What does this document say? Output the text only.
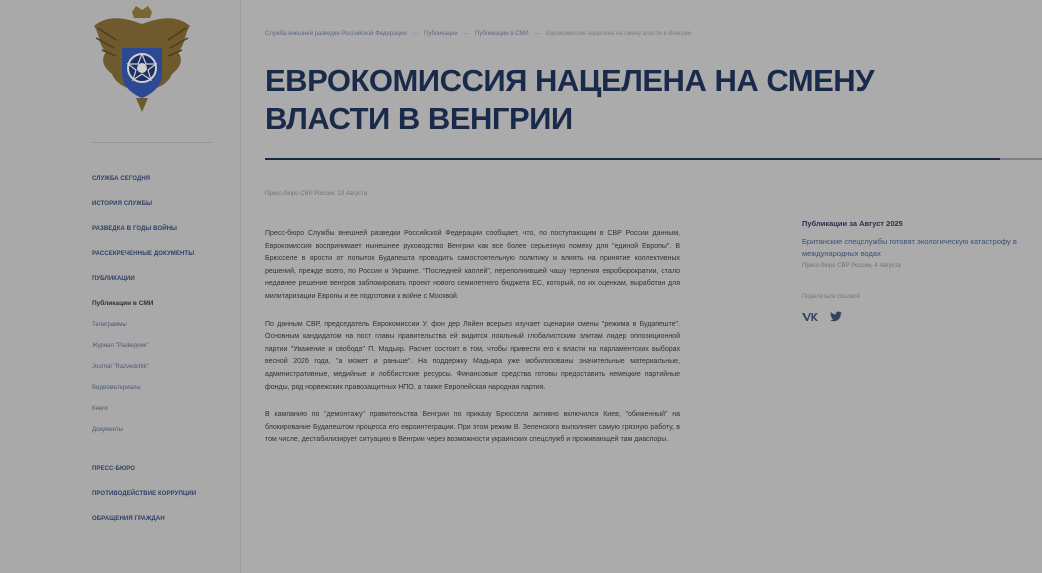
СЛУЖБА СЕГОДНЯ
ИСТОРИЯ СЛУЖБЫ
РАЗВЕДКА В ГОДЫ ВОЙНЫ
РАССЕКРЕЧЕННЫЕ ДОКУМЕНТЫ
ПУБЛИКАЦИИ
Публикации в СМИ
Телеграммы
Журнал "Разведчик"
Journal "Razvedchik"
Видеоматериалы
Книги
Документы
ПРЕСС-БЮРО
ПРОТИВОДЕЙСТВИЕ КОРРУПЦИИ
ОБРАЩЕНИЯ ГРАЖДАН
Служба внешней разведки Российской Федерации — Публикации — Публикации в СМИ — Еврокомиссия нацелена на смену власти в Венгрии
ЕВРОКОМИССИЯ НАЦЕЛЕНА НА СМЕНУ ВЛАСТИ В ВЕНГРИИ
Пресс-бюро СВР России, 13 Августа

Пресс-бюро Службы внешней разведки Российской Федерации сообщает, что, по поступающим в СВР России данным, Еврокомиссия воспринимает нынешнее руководство Венгрии как все более серьезную помеху для "единой Европы". В Брюсселе в ярости от попыток Будапешта проводить самостоятельную политику и влиять на принятие коллективных решений, прежде всего, по России и Украине. "Последней каплей", переполнившей чашу терпения евробюрократии, стало недавнее решение венгров заблокировать проект нового семилетнего бюджета ЕС, который, по их оценкам, выработан для милитаризации Европы и ее подготовки к войне с Москвой.

По данным СВР, председатель Еврокомиссии У. фон дер Ляйен всерьез изучает сценарии смены "режима в Будапеште". Основным кандидатом на пост главы правительства ей видится лояльный глобалистским элитам лидер оппозиционной партии "Уважение и свобода" П. Мадьяр. Расчет состоит в том, чтобы привести его к власти на парламентских выборах весной 2026 года, "а может и раньше". На поддержку Мадьяра уже мобилизованы значительные материальные, административные, медийные и лоббистские ресурсы. Финансовые средства готовы предоставить немецкие партийные фонды, ряд норвежских правозащитных НПО, а также Европейская народная партия.

В кампанию по "демонтажу" правительства Венгрии по приказу Брюсселя активно включился Киев, "обиженный" на блокирование Будапештом процесса его евроинтеграции. При этом режим В. Зеленского выполняет самую грязную работу, в том числе, дестабилизирует ситуацию в Венгрии через возможности украинских спецслужб и проживающей там диаспоры.

Публикации за Август 2025
Британские спецслужбы готовят экологическую катастрофу в международных водах
Пресс-бюро СВР России, 4 Августа
Поделиться ссылкой
